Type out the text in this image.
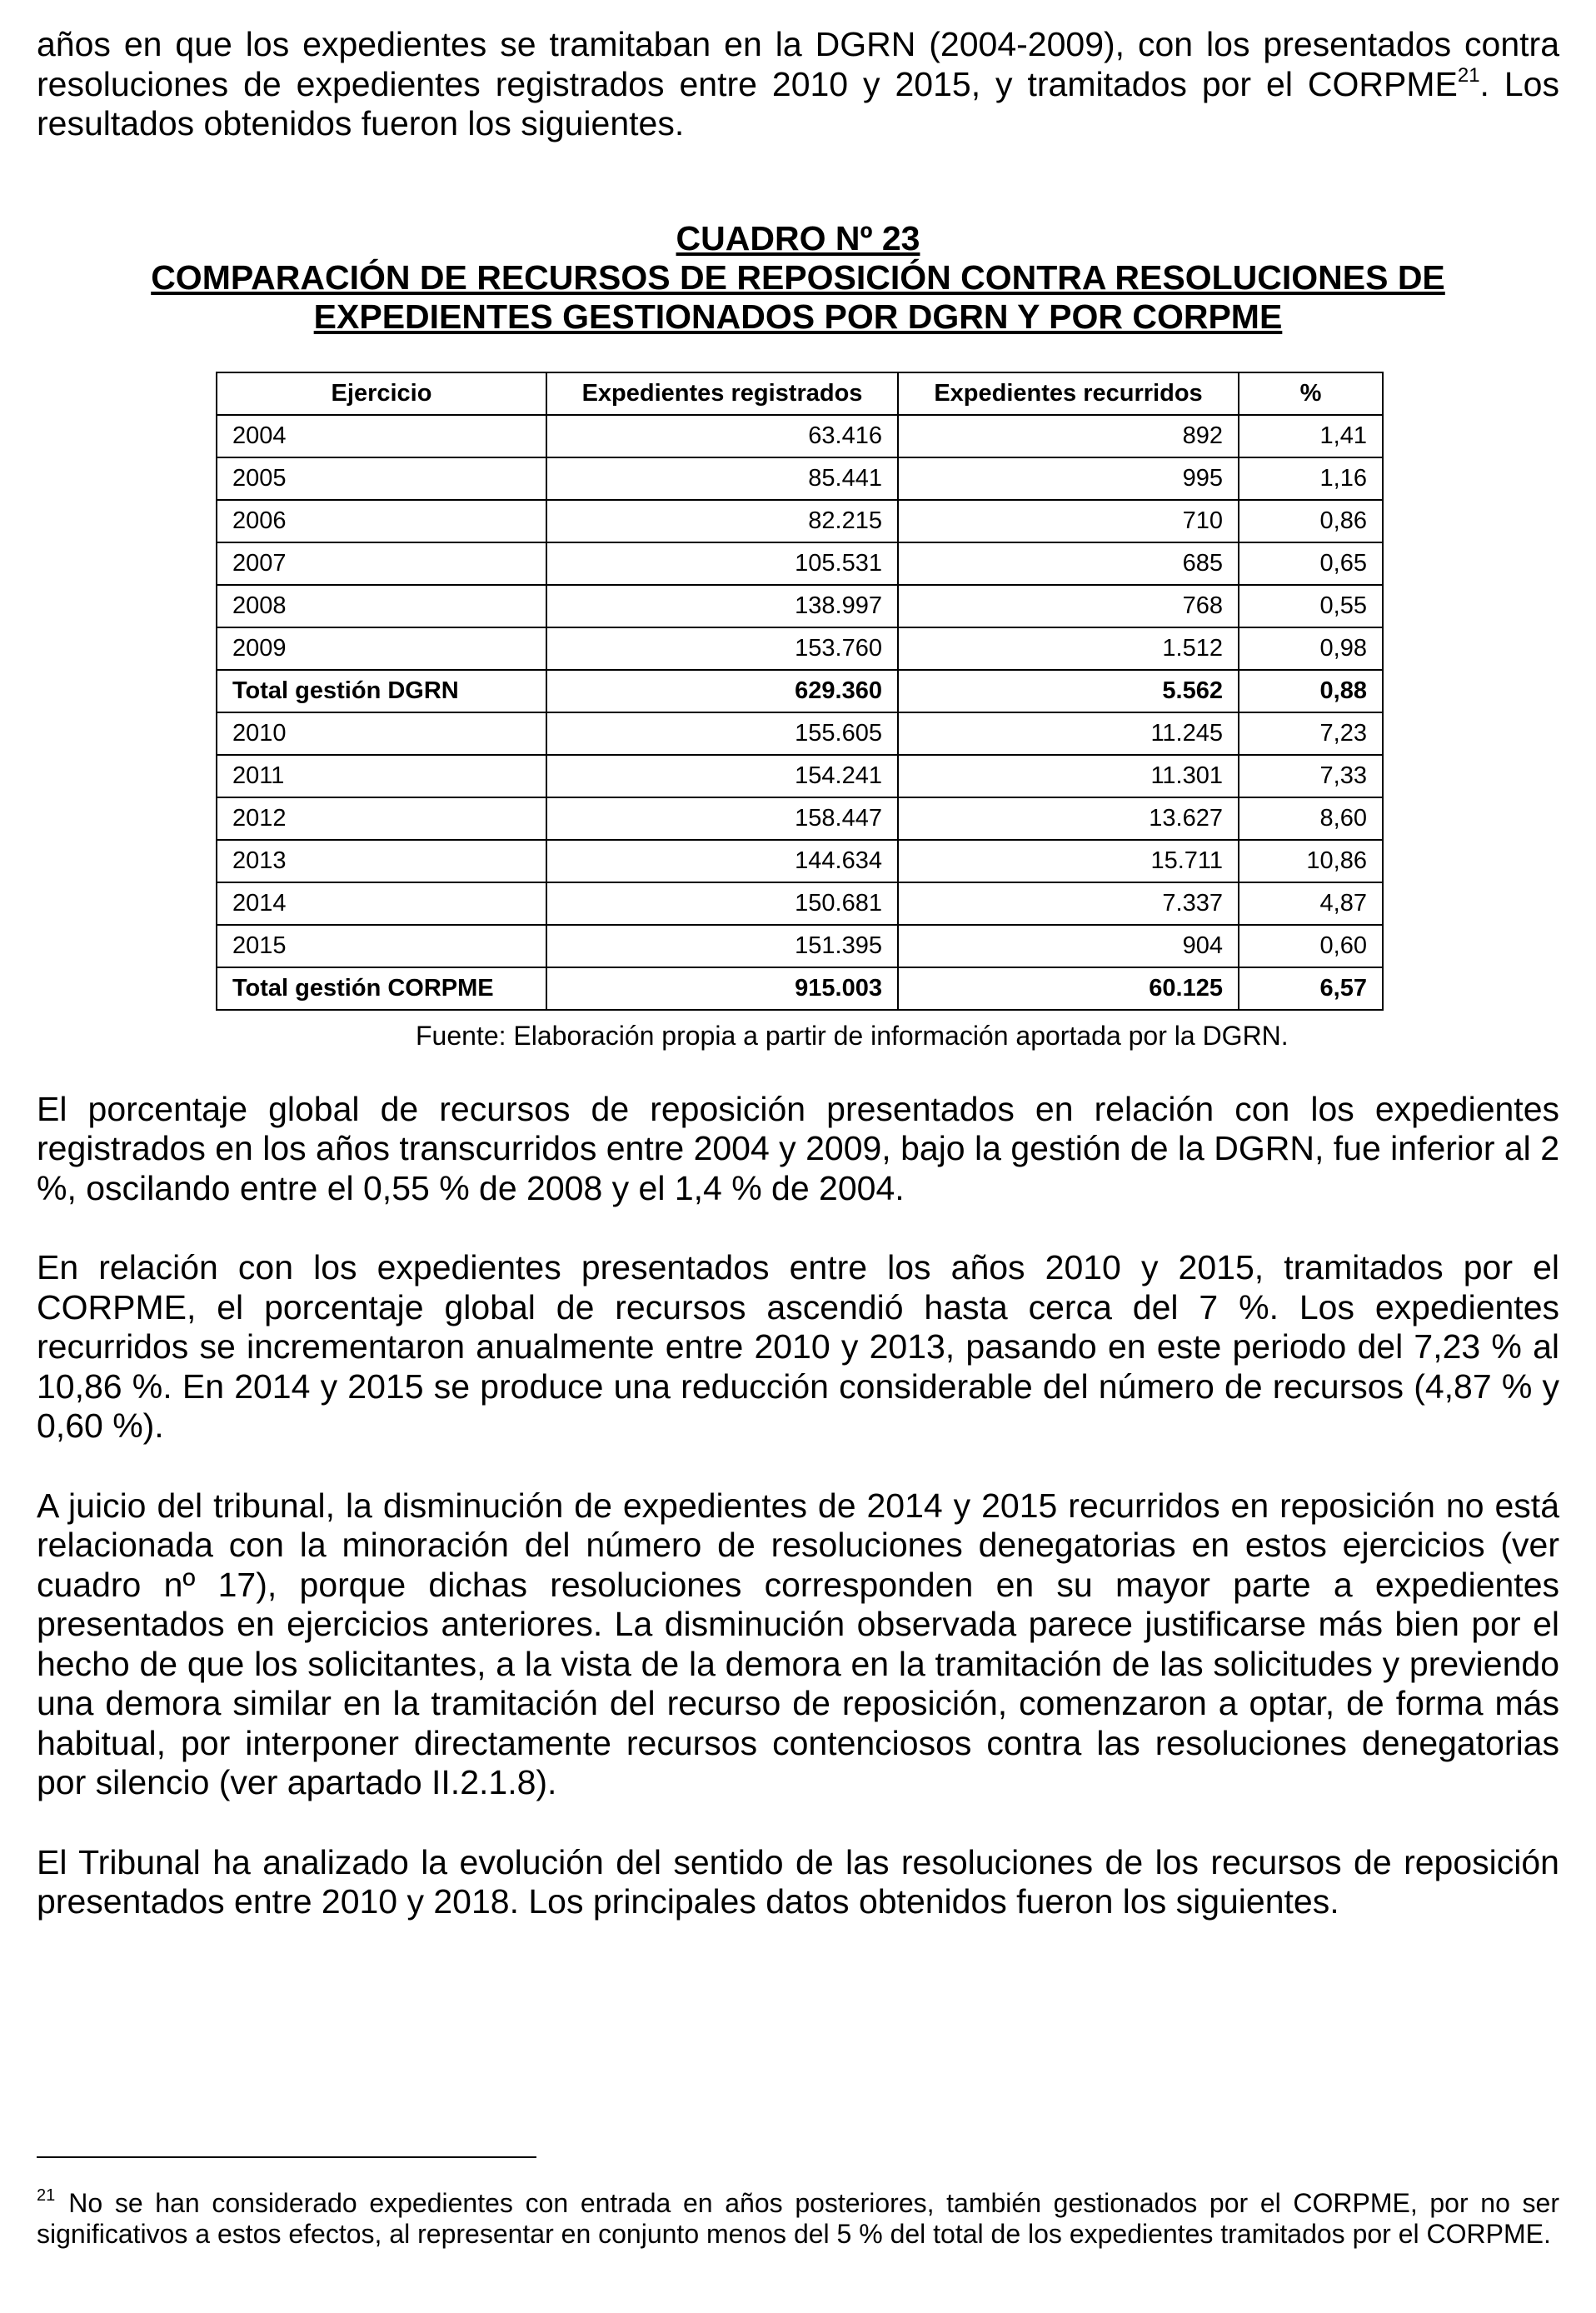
años en que los expedientes se tramitaban en la DGRN (2004-2009), con los presentados contra resoluciones de expedientes registrados entre 2010 y 2015, y tramitados por el CORPME$^{21}$. Los resultados obtenidos fueron los siguientes.

CUADRO Nº 23

COMPARACIÓN DE RECURSOS DE REPOSICIÓN CONTRA RESOLUCIONES DE

EXPEDIENTES GESTIONADOS POR DGRN Y POR CORPME

Ejercicio	Expedientes registrados	Expedientes recurridos	%
2004	63.416	892	1,41
2005	85.441	995	1,16
2006	82.215	710	0,86
2007	105.531	685	0,65
2008	138.997	768	0,55
2009	153.760	1.512	0,98
Total gestión DGRN	629.360	5.562	0,88
2010	155.605	11.245	7,23
2011	154.241	11.301	7,33
2012	158.447	13.627	8,60
2013	144.634	15.711	10,86
2014	150.681	7.337	4,87
2015	151.395	904	0,60
Total gestión CORPME	915.003	60.125	6,57
Fuente: Elaboración propia a partir de información aportada por la DGRN.

El porcentaje global de recursos de reposición presentados en relación con los expedientes registrados en los años transcurridos entre 2004 y 2009, bajo la gestión de la DGRN, fue inferior al 2 %, oscilando entre el 0,55 % de 2008 y el 1,4 % de 2004.

En relación con los expedientes presentados entre los años 2010 y 2015, tramitados por el CORPME, el porcentaje global de recursos ascendió hasta cerca del 7 %. Los expedientes recurridos se incrementaron anualmente entre 2010 y 2013, pasando en este periodo del 7,23 % al 10,86 %. En 2014 y 2015 se produce una reducción considerable del número de recursos (4,87 % y 0,60 %).

A juicio del tribunal, la disminución de expedientes de 2014 y 2015 recurridos en reposición no está relacionada con la minoración del número de resoluciones denegatorias en estos ejercicios (ver cuadro nº 17), porque dichas resoluciones corresponden en su mayor parte a expedientes presentados en ejercicios anteriores. La disminución observada parece justificarse más bien por el hecho de que los solicitantes, a la vista de la demora en la tramitación de las solicitudes y previendo una demora similar en la tramitación del recurso de reposición, comenzaron a optar, de forma más habitual, por interponer directamente recursos contenciosos contra las resoluciones denegatorias por silencio (ver apartado II.2.1.8).

El Tribunal ha analizado la evolución del sentido de las resoluciones de los recursos de reposición presentados entre 2010 y 2018. Los principales datos obtenidos fueron los siguientes.

$^{21}$ No se han considerado expedientes con entrada en años posteriores, también gestionados por el CORPME, por no ser significativos a estos efectos, al representar en conjunto menos del 5 % del total de los expedientes tramitados por el CORPME.
